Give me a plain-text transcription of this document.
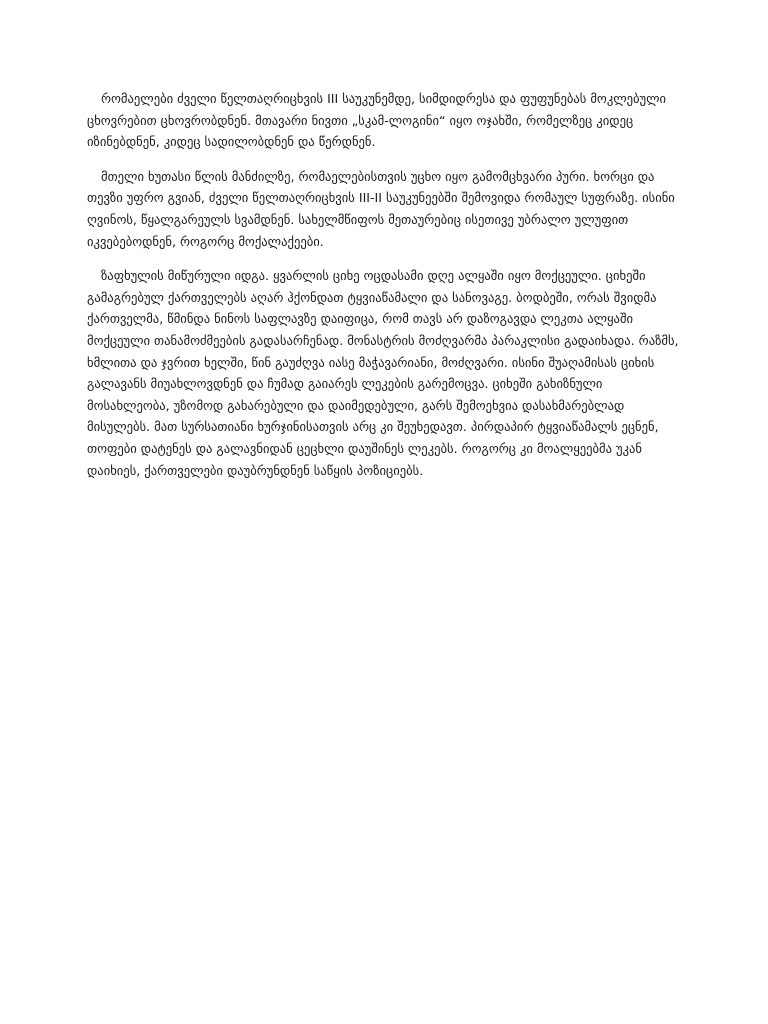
რომაელები ძველი წელთაღრიცხვის III საუკუნემდე, სიმდიდრესა და ფუფუნებას მოკლებული ცხოვრებით ცხოვრობდნენ. მთავარი ნივთი „სკამ-ლოგინი“ იყო ოჯახში, რომელზეც კიდეც იზინებდნენ, კიდეც სადილობდნენ და წერდნენ.

მთელი ხუთასი წლის მანძილზე, რომაელებისთვის უცხო იყო გამომცხვარი პური. ხორცი და თევზი უფრო გვიან, ძველი წელთაღრიცხვის III-II საუკუნეებში შემოვიდა რომაულ სუფრაზე. ისინი ღვინოს, წყალგარეულს სვამდნენ. სახელმწიფოს მეთაურებიც ისეთივე უბრალო ულუფით იკვებებოდნენ, როგორც მოქალაქეები.

ზაფხულის მიწურული იდგა. ყვარლის ციხე ოცდასამი დღე ალყაში იყო მოქცეული. ციხეში გამაგრებულ ქართველებს აღარ ჰქონდათ ტყვიაწამალი და სანოვაგე. ბოდბეში, ორას შვიდმა ქართველმა, წმინდა ნინოს საფლავზე დაიფიცა, რომ თავს არ დაზოგავდა ლეკთა ალყაში მოქცეული თანამოძმეების გადასარჩენად. მონასტრის მოძღვარმა პარაკლისი გადაიხადა. რაზმს, ხმლითა და ჯვრით ხელში, წინ გაუძღვა იასე მაჭავარიანი, მოძღვარი. ისინი შუაღამისას ციხის გალავანს მიუახლოვდნენ და ჩუმად გაიარეს ლეკების გარემოცვა. ციხეში გახიზნული მოსახლეობა, უზომოდ გახარებული და დაიმედებული, გარს შემოეხვია დასახმარებლად მისულებს. მათ სურსათიანი ხურჯინისათვის არც კი შეუხედავთ. პირდაპირ ტყვიაწამალს ეცნენ, თოფები დატენეს და გალავნიდან ცეცხლი დაუშინეს ლეკებს. როგორც კი მოალყეებმა უკან დაიხიეს, ქართველები დაუბრუნდნენ საწყის პოზიციებს.
